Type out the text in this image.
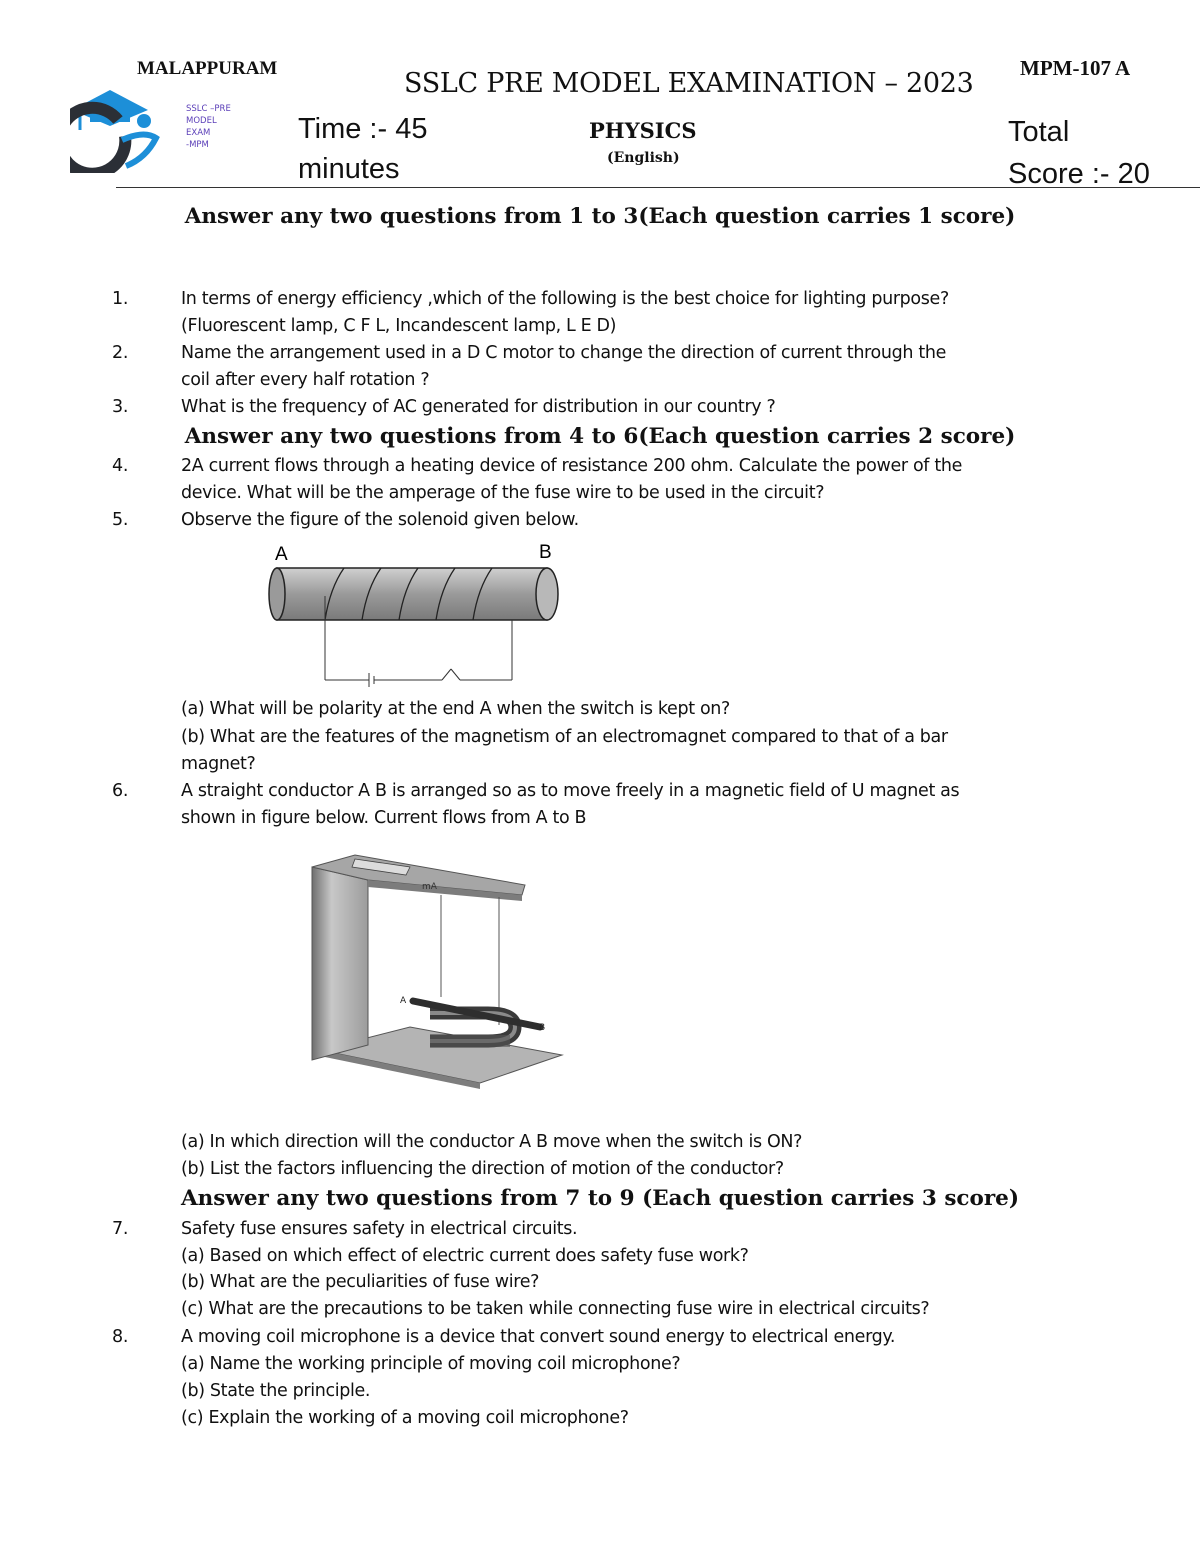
MALAPPURAM
SSLC –PRE
MODEL
EXAM
-MPM
SSLC PRE MODEL EXAMINATION – 2023 MPM-107 A
Time :- 45
minutes
PHYSICS
(English)
Total
Score :- 20
Answer any two questions from 1 to 3(Each question carries 1 score)
1.	In terms of energy efficiency ,which of the following is the best choice for lighting purpose?
(Fluorescent lamp, C F L, Incandescent lamp, L E D)
2.	Name the arrangement used in a D C motor to change the direction of current through the
coil after every half rotation ?
3.	What is the frequency of AC generated for distribution in our country ?
Answer any two questions from 4 to 6(Each question carries 2 score)
4.	2A current flows through a heating device of resistance 200 ohm. Calculate the power of the
device. What will be the amperage of the fuse wire to be used in the circuit?
5.	Observe the figure of the solenoid given below.
A	B
(a) What will be polarity at the end A when the switch is kept on?
(b) What are the features of the magnetism of an electromagnet compared to that of a bar
magnet?
6.	A straight conductor A B is arranged so as to move freely in a magnetic field of U magnet as
shown in figure below. Current flows from A to B
mA
A
B
(a) In which direction will the conductor A B move when the switch is ON?
(b) List the factors influencing the direction of motion of the conductor?
Answer any two questions from 7 to 9 (Each question carries 3 score)
7.	Safety fuse ensures safety in electrical circuits.
(a) Based on which effect of electric current does safety fuse work?
(b) What are the peculiarities of fuse wire?
(c) What are the precautions to be taken while connecting fuse wire in electrical circuits?
8.	A moving coil microphone is a device that convert sound energy to electrical energy.
(a) Name the working principle of moving coil microphone?
(b) State the principle.
(c) Explain the working of a moving coil microphone?
